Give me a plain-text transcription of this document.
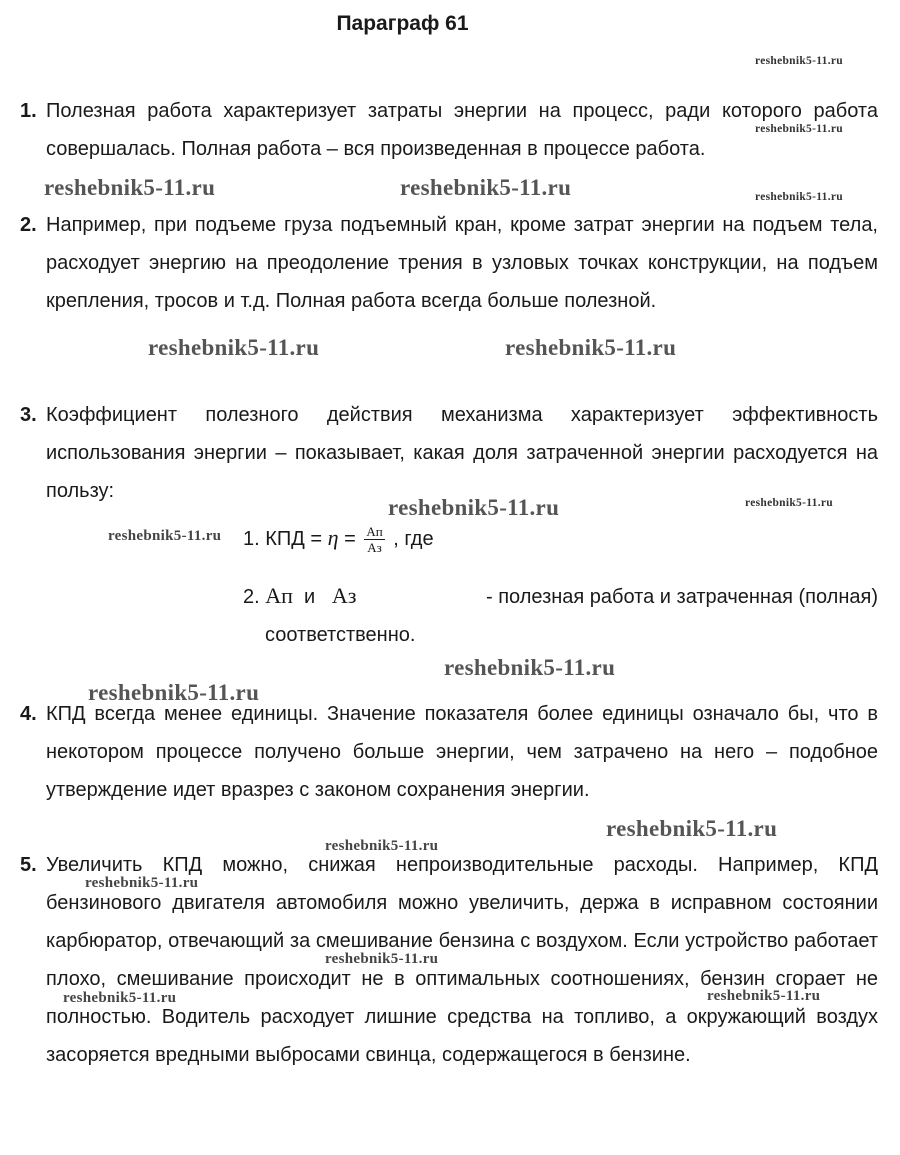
Параграф 61
1. Полезная работа характеризует затраты энергии на процесс, ради которого работа совершалась. Полная работа – вся произведенная в процессе работа.
2. Например, при подъеме груза подъемный кран, кроме затрат энергии на подъем тела, расходует энергию на преодоление трения в узловых точках конструкции, на подъем крепления, тросов и т.д. Полная работа всегда больше полезной.
3. Коэффициент полезного действия механизма характеризует эффективность использования энергии – показывает, какая доля затраченной энергии расходуется на пользу:
1. КПД = $\eta = \frac{Aп}{Aз}$ , где
2. Aп и Aз	- полезная работа и затраченная (полная)
соответственно.
4. КПД всегда менее единицы. Значение показателя более единицы означало бы, что в некотором процессе получено больше энергии, чем затрачено на него – подобное утверждение идет вразрез с законом сохранения энергии.
5. Увеличить КПД можно, снижая непроизводительные расходы. Например, КПД бензинового двигателя автомобиля можно увеличить, держа в исправном состоянии карбюратор, отвечающий за смешивание бензина с воздухом. Если устройство работает плохо, смешивание происходит не в оптимальных соотношениях, бензин сгорает не полностью. Водитель расходует лишние средства на топливо, а окружающий воздух засоряется вредными выбросами свинца, содержащегося в бензине.
reshebnik5-11.ru
reshebnik5-11.ru
reshebnik5-11.ru
reshebnik5-11.ru	reshebnik5-11.ru
reshebnik5-11.ru	reshebnik5-11.ru
reshebnik5-11.ru	reshebnik5-11.ru
reshebnik5-11.ru
reshebnik5-11.ru
reshebnik5-11.ru
reshebnik5-11.ru
reshebnik5-11.ru
reshebnik5-11.ru
reshebnik5-11.ru
reshebnik5-11.ru	reshebnik5-11.ru
